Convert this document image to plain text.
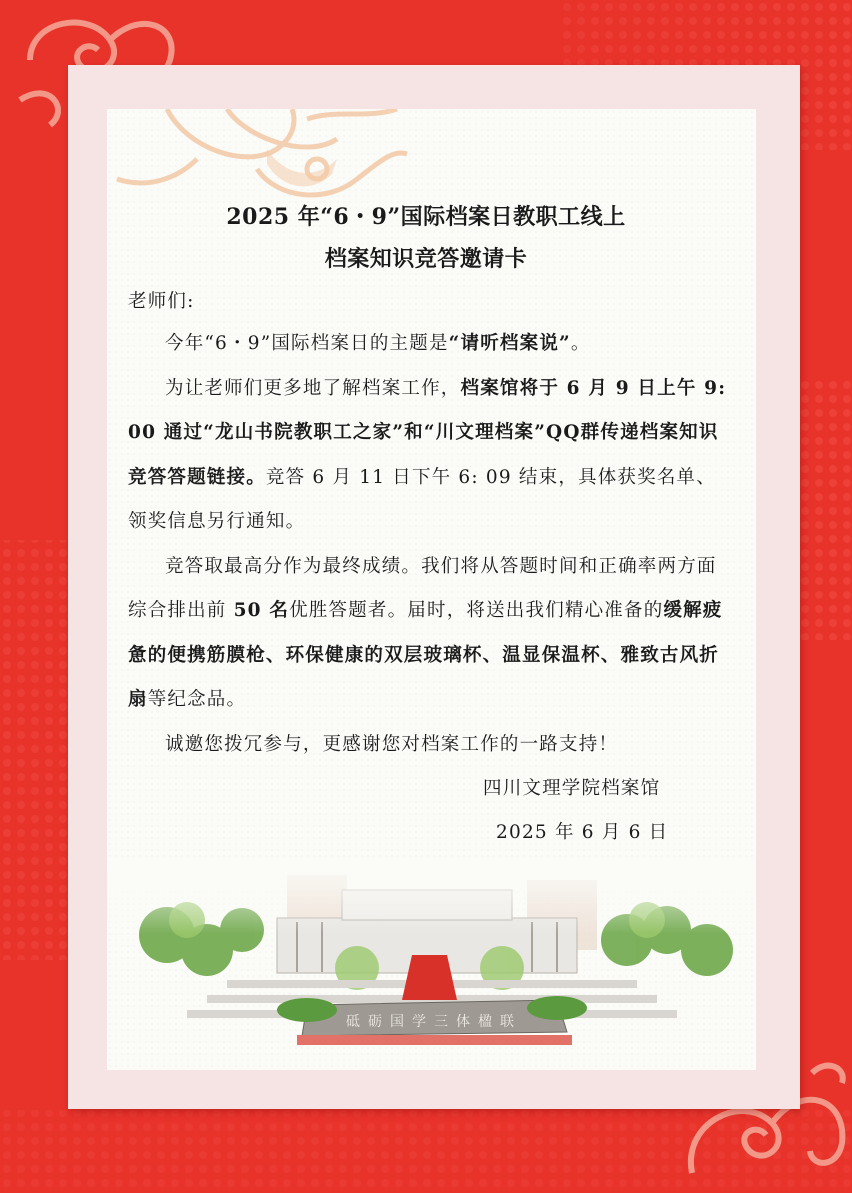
2025 年“6・9”国际档案日教职工线上
档案知识竞答邀请卡
老师们:

今年“6・9”国际档案日的主题是“请听档案说”。

为让老师们更多地了解档案工作，档案馆将于 6 月 9 日上午 9: 00 通过“龙山书院教职工之家”和“川文理档案”QQ群传递档案知识竞答答题链接。竞答 6 月 11 日下午 6: 09 结束，具体获奖名单、领奖信息另行通知。

竞答取最高分作为最终成绩。我们将从答题时间和正确率两方面综合排出前 50 名优胜答题者。届时，将送出我们精心准备的缓解疲惫的便携筋膜枪、环保健康的双层玻璃杯、温显保温杯、雅致古风折扇等纪念品。

诚邀您拨冗参与，更感谢您对档案工作的一路支持！

四川文理学院档案馆
2025 年 6 月 6 日
